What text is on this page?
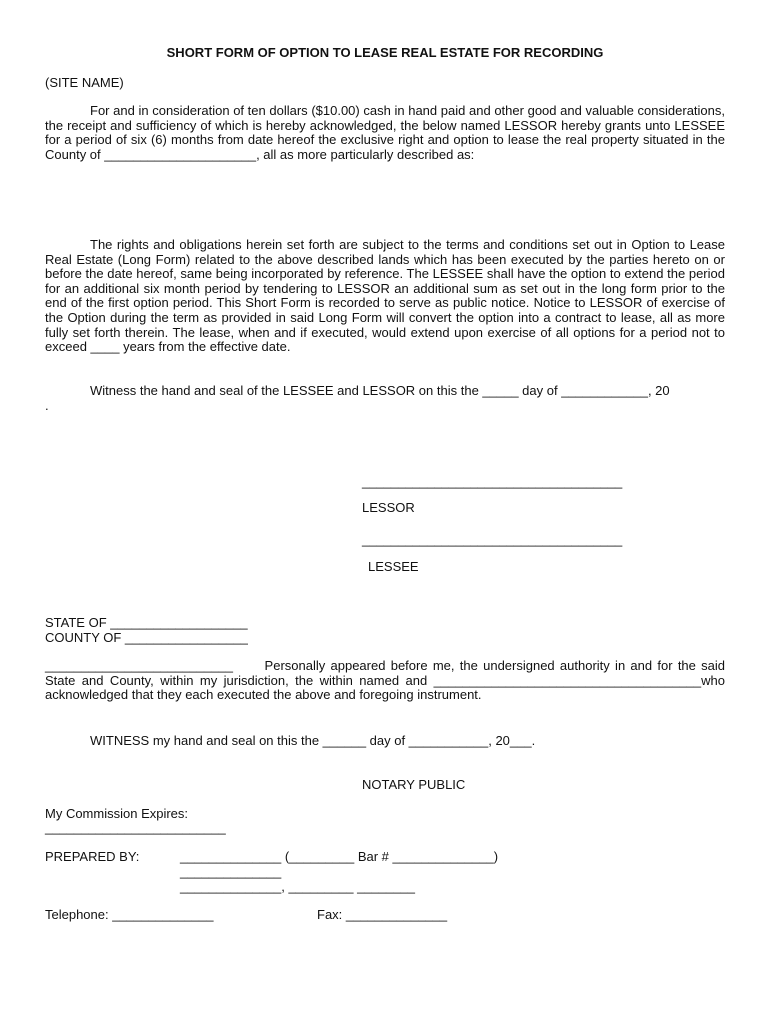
SHORT FORM OF OPTION TO LEASE REAL ESTATE FOR RECORDING
(SITE NAME)
For and in consideration of ten dollars ($10.00) cash in hand paid and other good and valuable considerations, the receipt and sufficiency of which is hereby acknowledged, the below named LESSOR hereby grants unto LESSEE for a period of six (6) months from date hereof the exclusive right and option to lease the real property situated in the County of _____________________, all as more particularly described as:
The rights and obligations herein set forth are subject to the terms and conditions set out in Option to Lease Real Estate (Long Form) related to the above described lands which has been executed by the parties hereto on or before the date hereof, same being incorporated by reference. The LESSEE shall have the option to extend the period for an additional six month period by tendering to LESSOR an additional sum as set out in the long form prior to the end of the first option period. This Short Form is recorded to serve as public notice. Notice to LESSOR of exercise of the Option during the term as provided in said Long Form will convert the option into a contract to lease, all as more fully set forth therein. The lease, when and if executed, would extend upon exercise of all options for a period not to exceed ____ years from the effective date.
Witness the hand and seal of the LESSEE and LESSOR on this the _____ day of ____________, 20
.
____________________________________
LESSOR
____________________________________
LESSEE
STATE OF ___________________
COUNTY OF _________________
__________________________      Personally appeared before me, the undersigned authority in and for the said State and County, within my jurisdiction, the within named and _____________________________________who acknowledged that they each executed the above and foregoing instrument.
WITNESS my hand and seal on this the ______ day of ___________, 20___.
NOTARY PUBLIC
My Commission Expires:
_________________________
PREPARED BY:	______________ (_________ Bar # ______________)
______________
______________, _________ ________
Telephone: ______________	Fax: ______________
